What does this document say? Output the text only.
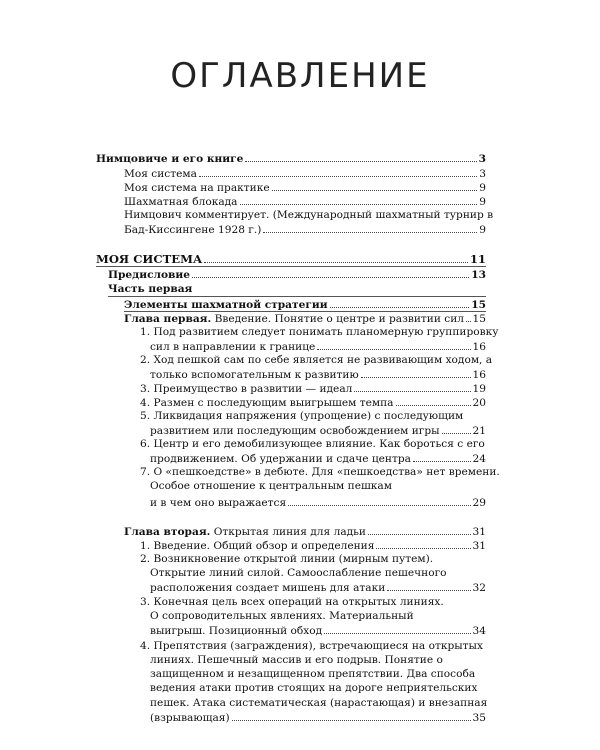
ОГЛАВЛЕНИЕ
Нимцовиче и его книге	3
Моя система	3
Моя система на практике	9
Шахматная блокада	9
Нимцович комментирует. (Международный шахматный турнир в
Бад-Киссингене 1928 г.)	9
МОЯ СИСТЕМА	11
Предисловие	13
Часть первая
Элементы шахматной стратегии	15
Глава первая. Введение. Понятие о центре и развитии сил 15
1. Под развитием следует понимать планомерную группировку
сил в направлении к границе	16
2. Ход пешкой сам по себе является не развивающим ходом, а
только вспомогательным к развитию	16
3. Преимущество в развитии — идеал	19
4. Размен с последующим выигрышем темпа	20
5. Ликвидация напряжения (упрощение) с последующим
развитием или последующим освобождением игры	21
6. Центр и его демобилизующее влияние. Как бороться с его
продвижением. Об удержании и сдаче центра	24
7. О «пешкоедстве» в дебюте. Для «пешкоедства» нет времени.
Особое отношение к центральным пешкам
и в чем оно выражается	29
Глава вторая. Открытая линия для ладьи	31
1. Введение. Общий обзор и определения	31
2. Возникновение открытой линии (мирным путем).
Открытие линий силой. Самоослабление пешечного
расположения создает мишень для атаки	32
3. Конечная цель всех операций на открытых линиях.
О сопроводительных явлениях. Материальный
выигрыш. Позиционный обход	34
4. Препятствия (заграждения), встречающиеся на открытых
линиях. Пешечный массив и его подрыв. Понятие о
защищенном и незащищенном препятствии. Два способа
ведения атаки против стоящих на дороге неприятельских
пешек. Атака систематическая (нарастающая) и внезапная
(взрывающая)	35
